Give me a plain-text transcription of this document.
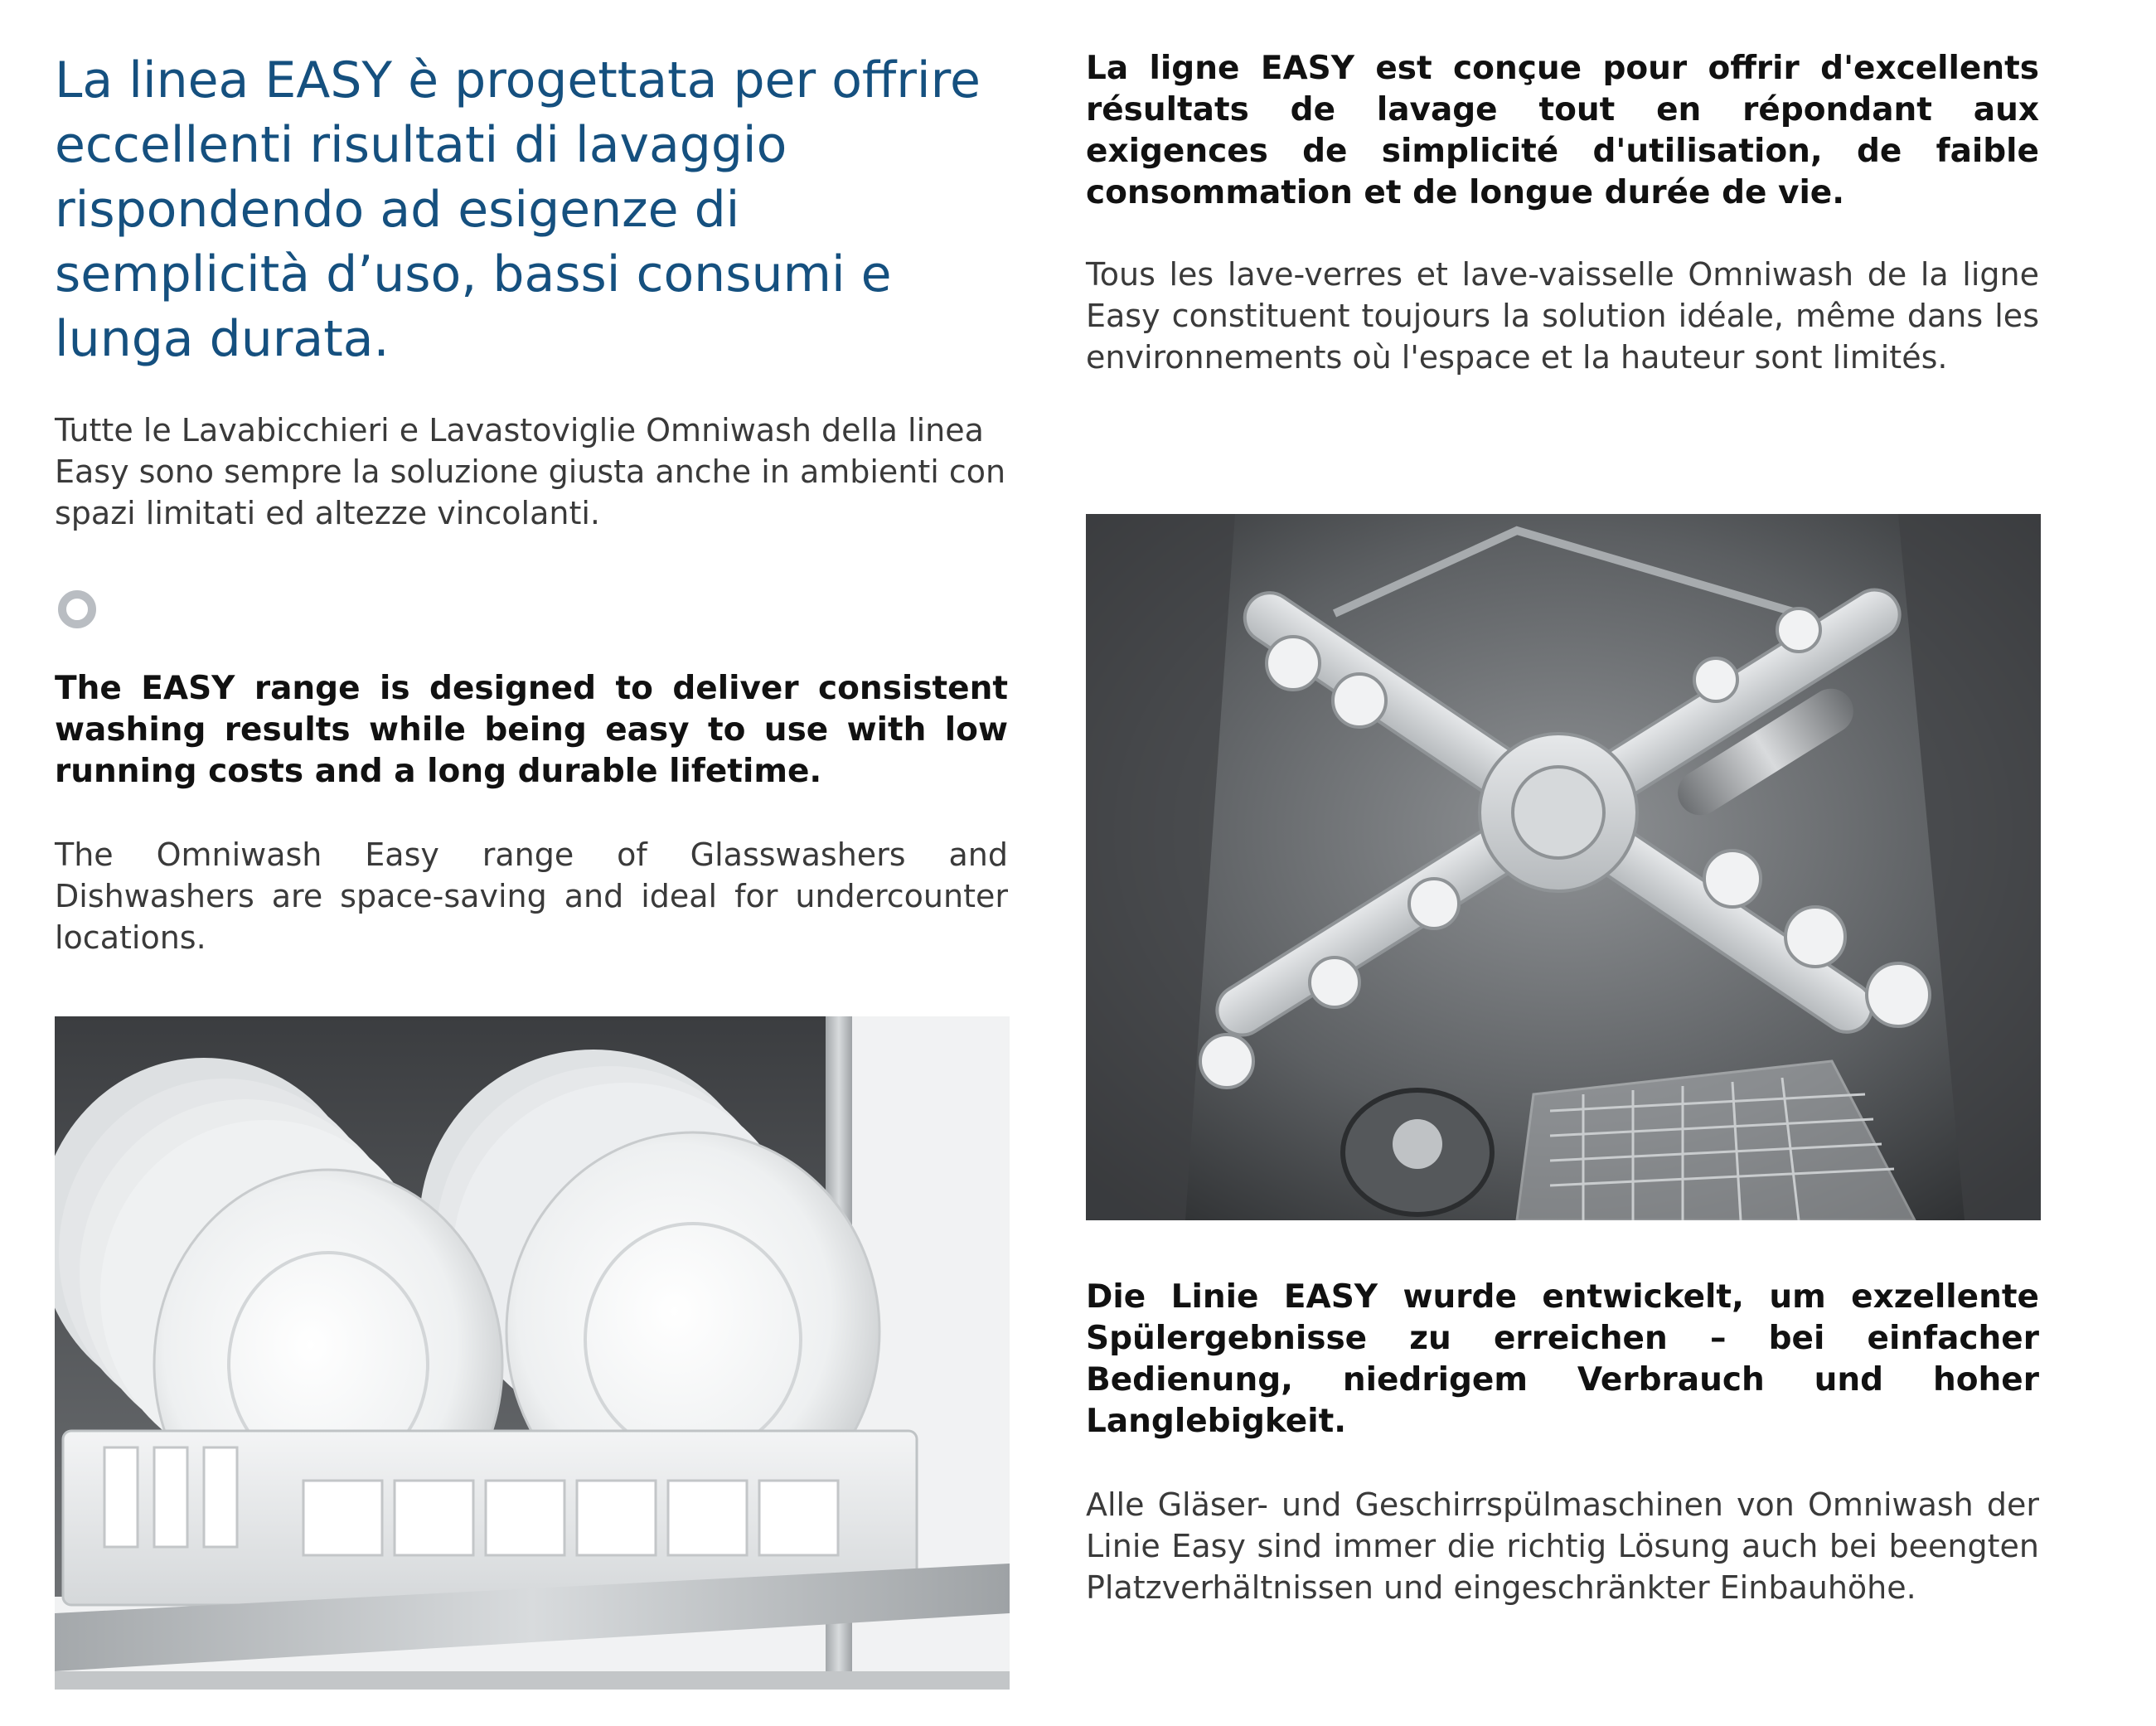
La linea EASY è progettata per offrire eccellenti risultati di lavaggio rispondendo ad esigenze di semplicità d’uso, bassi consumi e lunga durata.

Tutte le Lavabicchieri e Lavastoviglie Omniwash della linea Easy sono sempre la soluzione giusta anche in ambienti con spazi limitati ed altezze vincolanti.

The EASY range is designed to deliver consistent washing results while being easy to use with low running costs and a long durable lifetime.

The Omniwash Easy range of Glasswashers and Dishwashers are space-saving and ideal for undercounter locations.

La ligne EASY est conçue pour offrir d'excellents résultats de lavage tout en répondant aux exigences de simplicité d'utilisation, de faible consommation et de longue durée de vie.

Tous les lave-verres et lave-vaisselle Omniwash de la ligne Easy constituent toujours la solution idéale, même dans les environnements où l'espace et la hauteur sont limités.

Die Linie EASY wurde entwickelt, um exzellente Spülergebnisse zu erreichen – bei einfacher Bedienung, niedrigem Verbrauch und hoher Langlebigkeit.

Alle Gläser- und Geschirrspülmaschinen von Omniwash der Linie Easy sind immer die richtig Lösung auch bei beengten Platzverhältnissen und eingeschränkter Einbauhöhe.
